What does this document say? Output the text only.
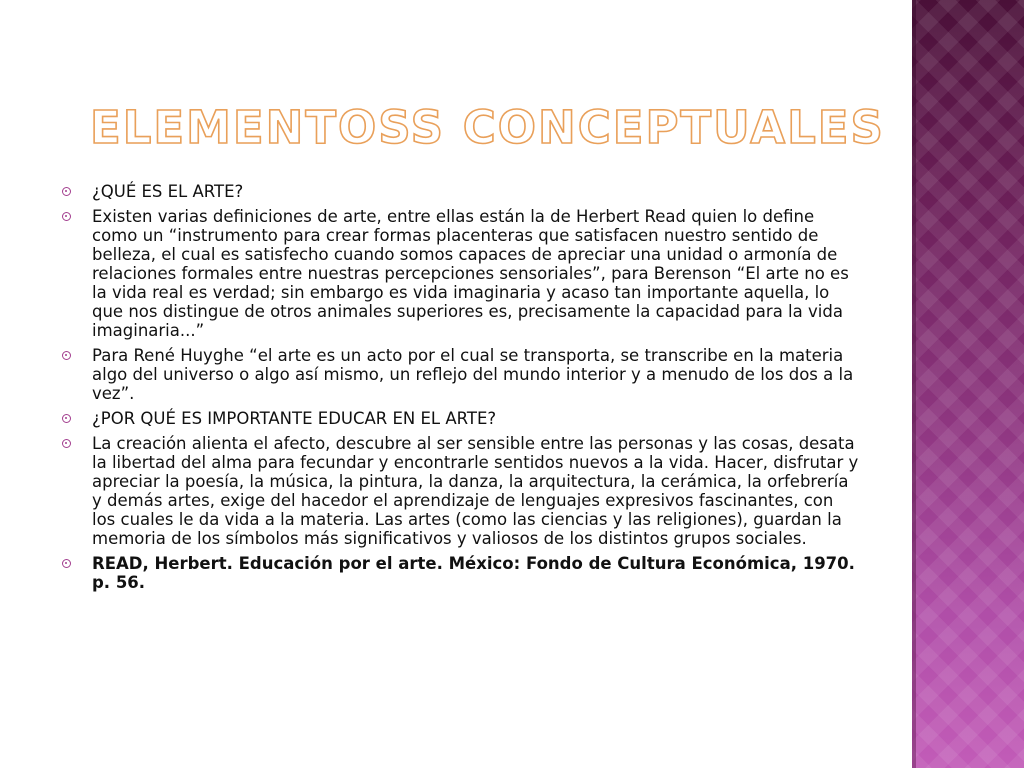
ELEMENTOSS CONCEPTUALES
¿QUÉ ES EL ARTE?
Existen varias definiciones de arte, entre ellas están la de Herbert Read quien lo define como un “instrumento para crear formas placenteras que satisfacen nuestro sentido de belleza, el cual es satisfecho cuando somos capaces de apreciar una unidad o armonía de relaciones formales entre nuestras percepciones sensoriales”, para Berenson “El arte no es la vida real es verdad; sin embargo es vida imaginaria y acaso tan importante aquella, lo que nos distingue de otros animales superiores es, precisamente la capacidad para la vida imaginaria...”
Para René Huyghe “el arte es un acto por el cual se transporta, se transcribe en la materia algo del universo o algo así mismo, un reflejo del mundo interior y a menudo de los dos a la vez”.
¿POR QUÉ ES IMPORTANTE EDUCAR EN EL ARTE?
La creación alienta el afecto, descubre al ser sensible entre las personas y las cosas, desata la libertad del alma para fecundar y encontrarle sentidos nuevos a la vida. Hacer, disfrutar y apreciar la poesía, la música, la pintura, la danza, la arquitectura, la cerámica, la orfebrería y demás artes, exige del hacedor el aprendizaje de lenguajes expresivos fascinantes, con los cuales le da vida a la materia. Las artes (como las ciencias y las religiones), guardan la memoria de los símbolos más significativos y valiosos de los distintos grupos sociales.
READ, Herbert. Educación por el arte. México: Fondo de Cultura Económica, 1970. p. 56.
